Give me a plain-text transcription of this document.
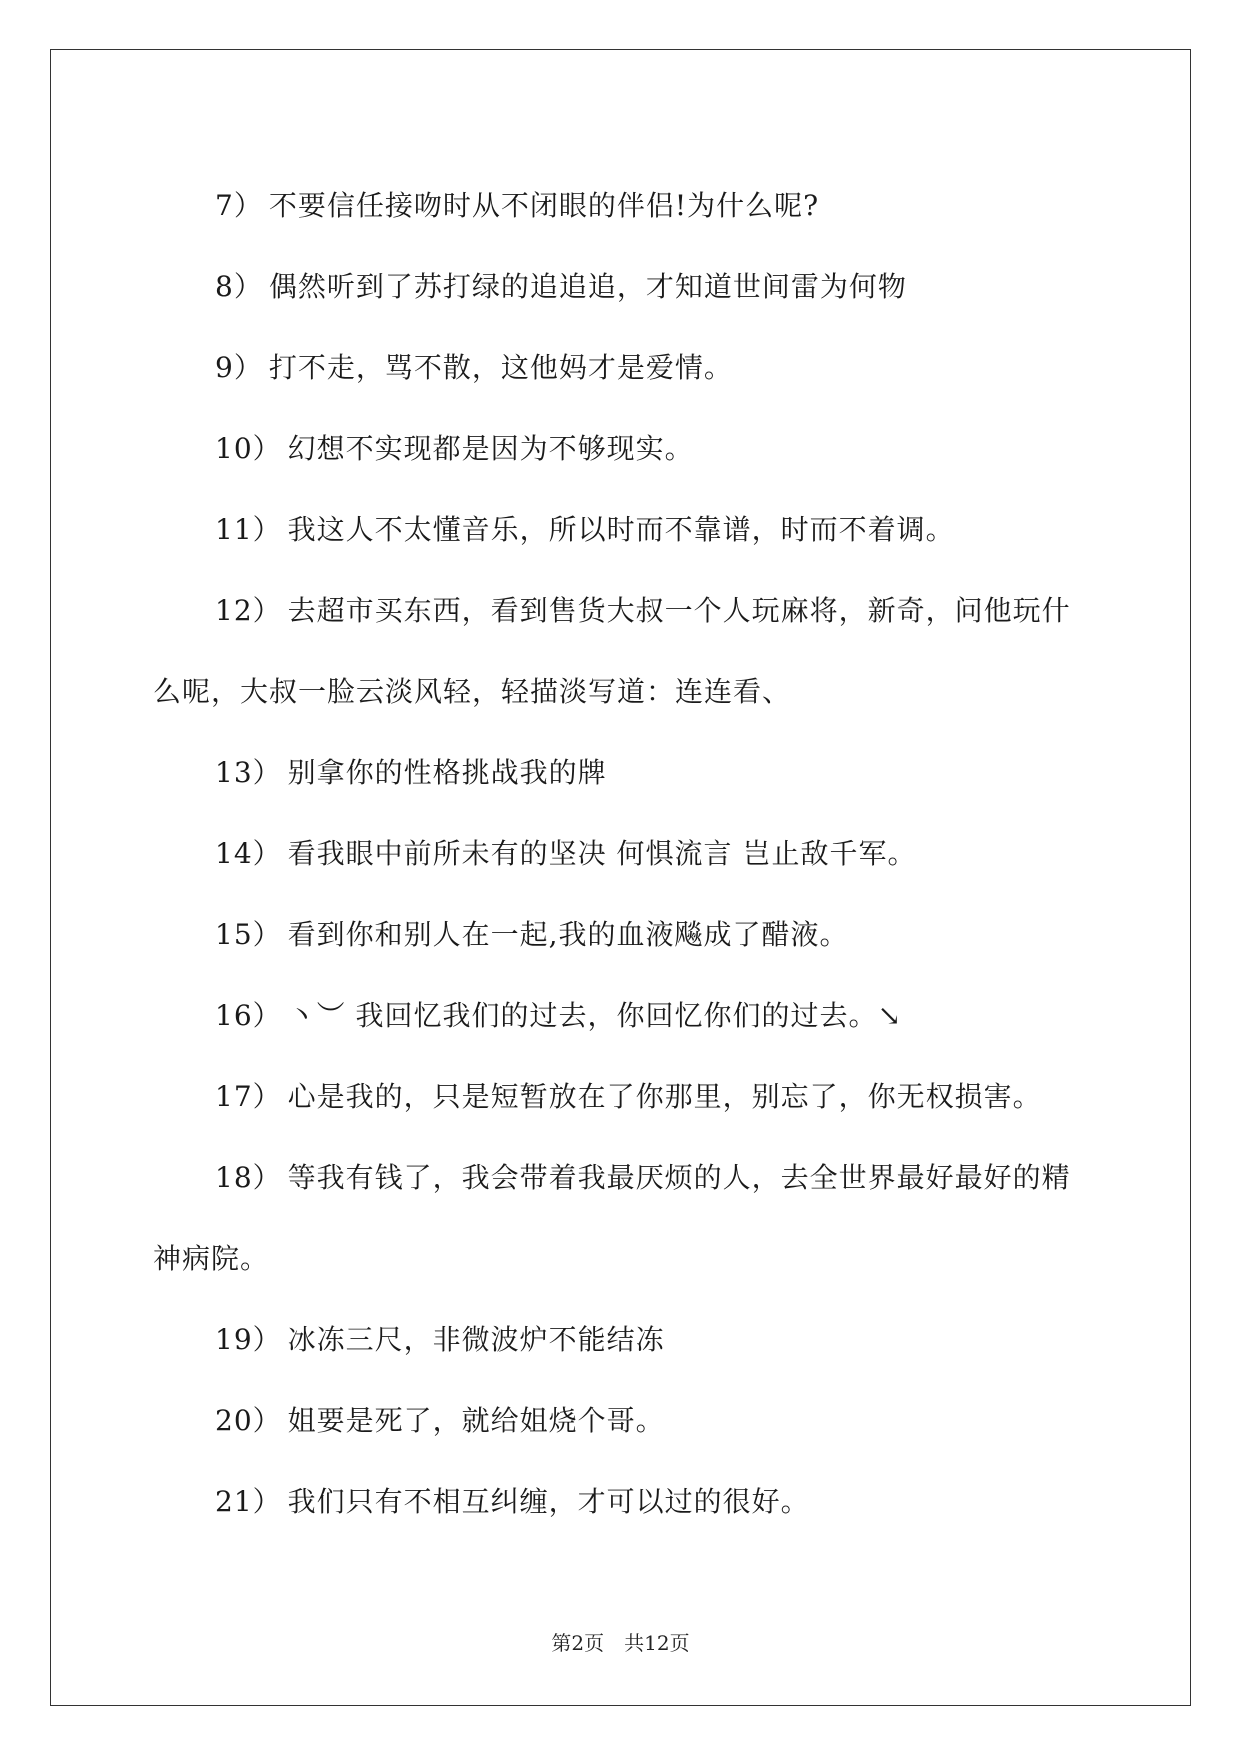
7） 不要信任接吻时从不闭眼的伴侣!为什么呢?

8） 偶然听到了苏打绿的追追追，才知道世间雷为何物

9） 打不走，骂不散，这他妈才是爱情。

10） 幻想不实现都是因为不够现实。

11） 我这人不太懂音乐，所以时而不靠谱，时而不着调。

12） 去超市买东西，看到售货大叔一个人玩麻将，新奇，问他玩什么呢，大叔一脸云淡风轻，轻描淡写道：连连看、

13） 别拿你的性格挑战我的牌

14） 看我眼中前所未有的坚决 何惧流言 岂止敌千军。

15） 看到你和别人在一起,我的血液飚成了醋液。

16） 丶︶ 我回忆我们的过去，你回忆你们的过去。↘

17） 心是我的，只是短暂放在了你那里，别忘了，你无权损害。

18） 等我有钱了，我会带着我最厌烦的人，去全世界最好最好的精神病院。

19） 冰冻三尺，非微波炉不能结冻

20） 姐要是死了，就给姐烧个哥。

21） 我们只有不相互纠缠，才可以过的很好。

第2页 共12页
